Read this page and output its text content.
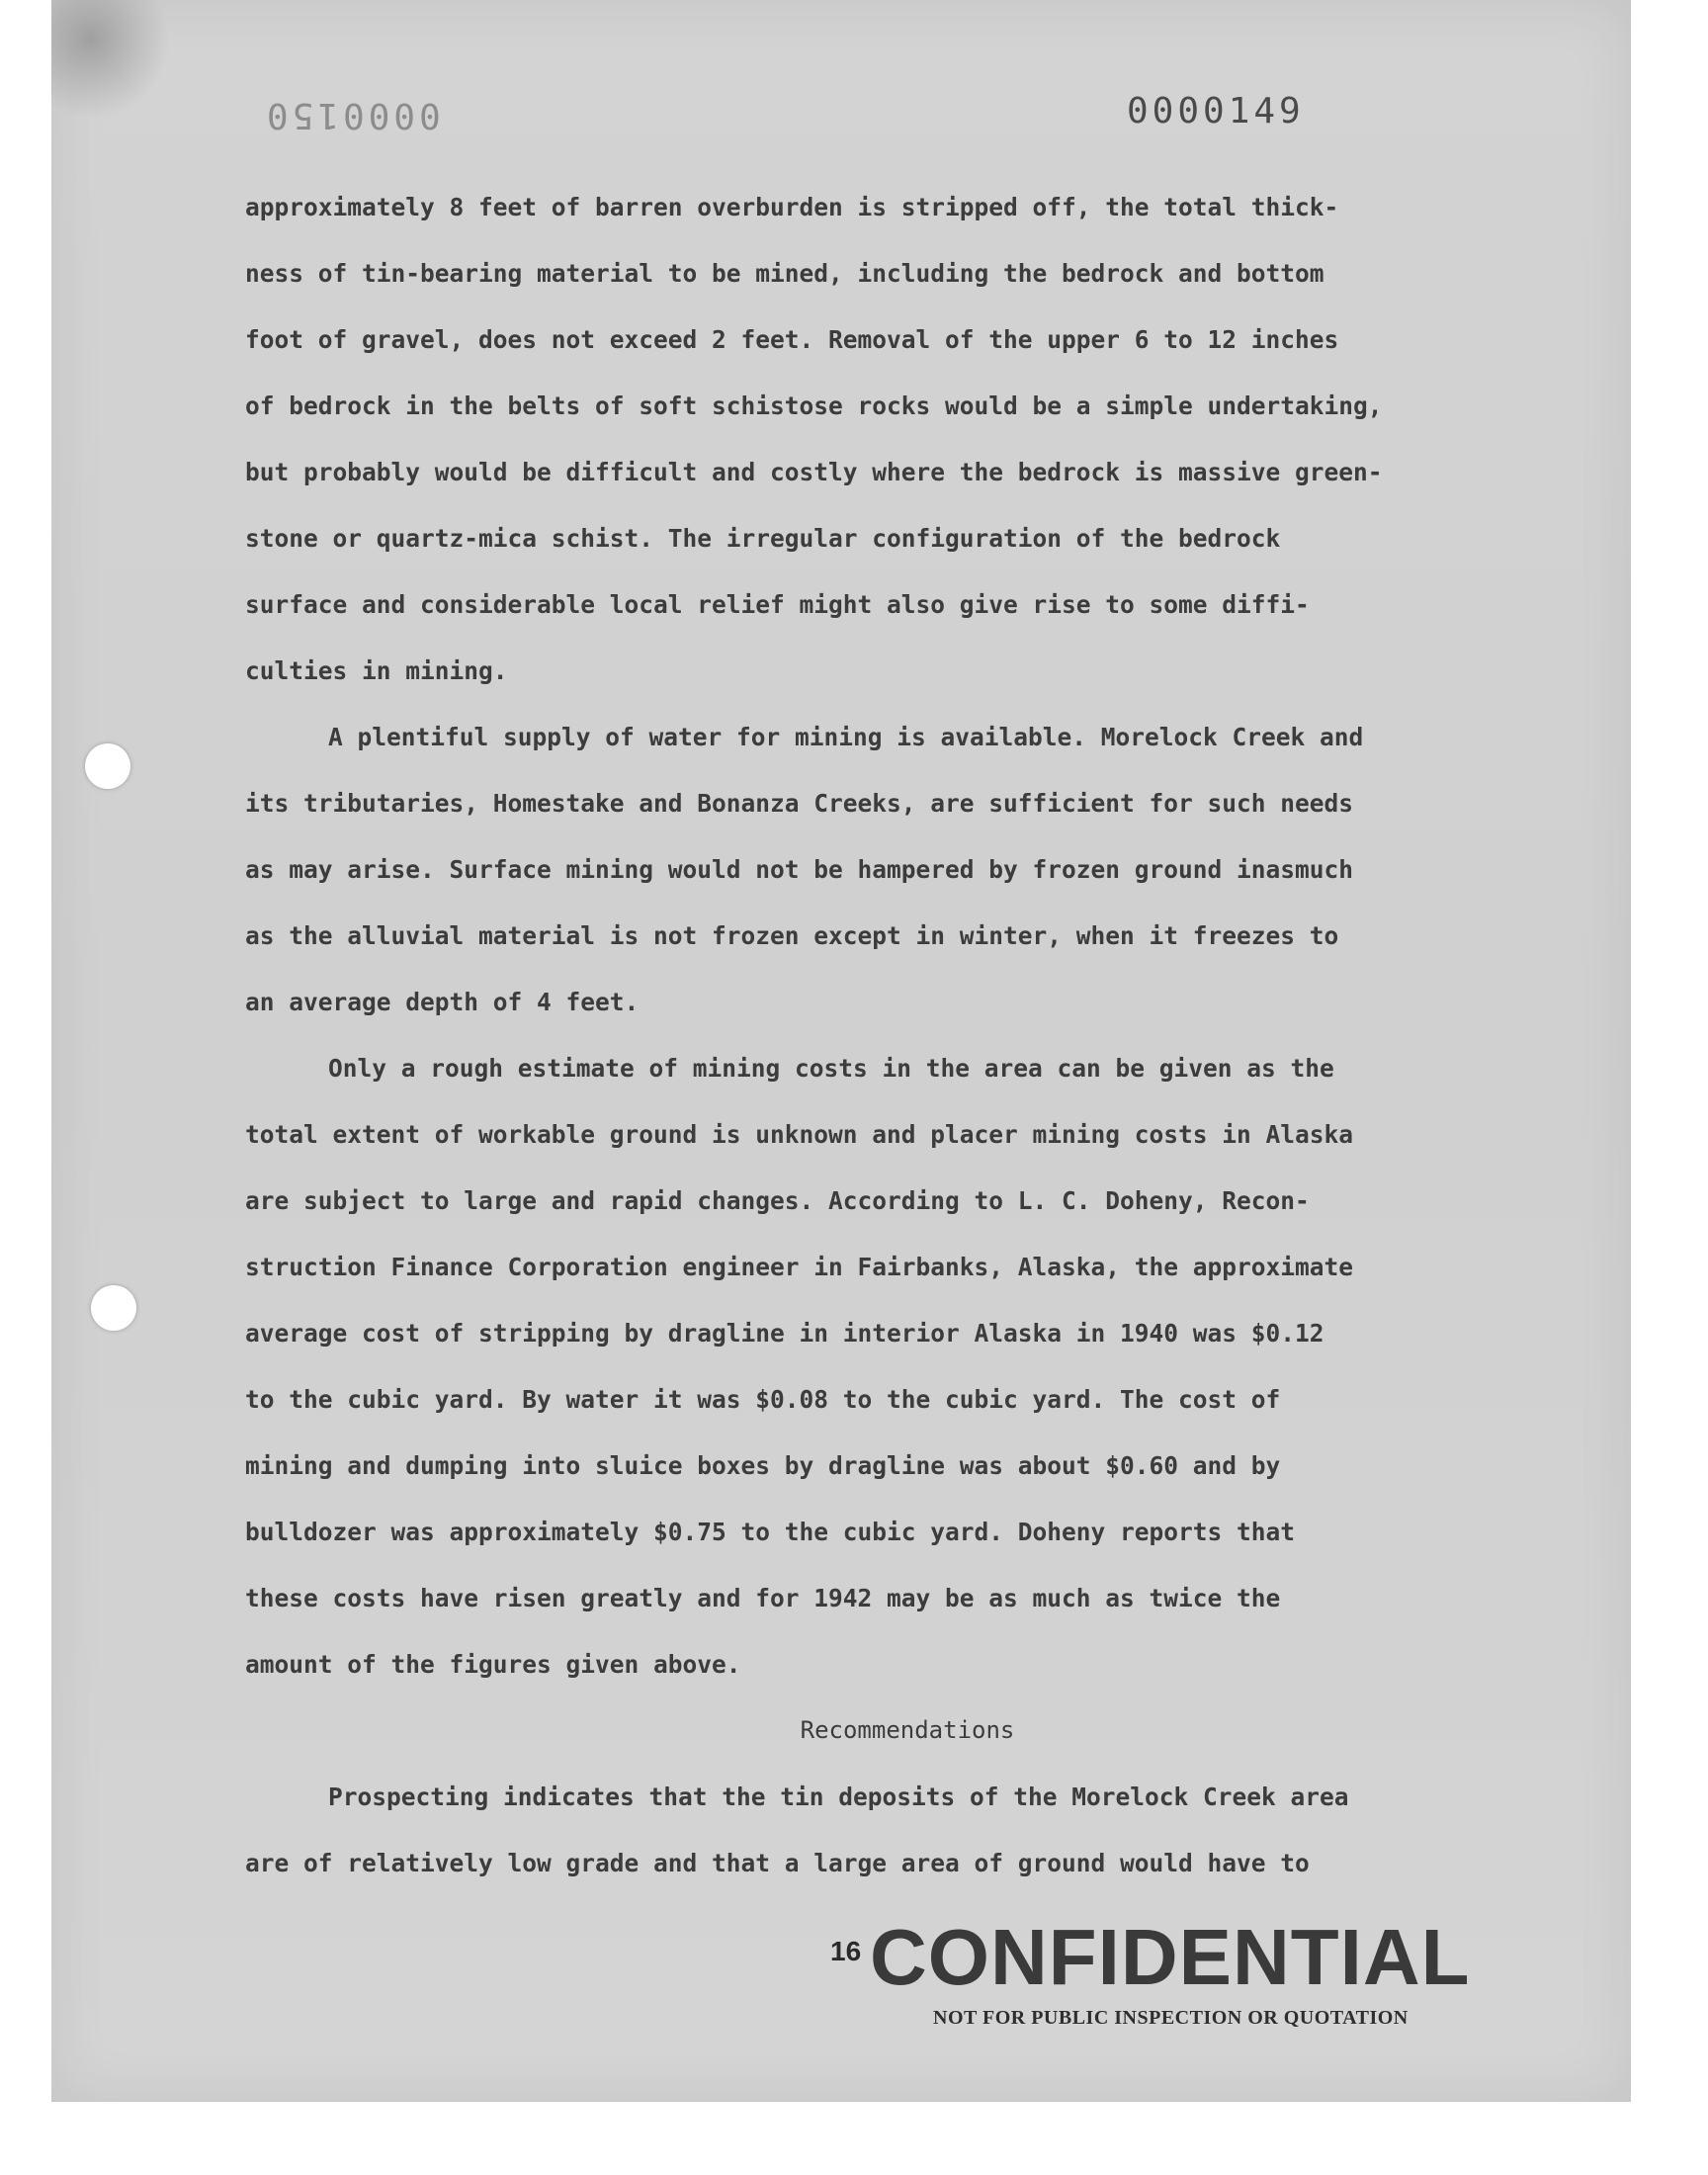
0000150	0000149

approximately 8 feet of barren overburden is stripped off, the total thick-
ness of tin-bearing material to be mined, including the bedrock and bottom
foot of gravel, does not exceed 2 feet. Removal of the upper 6 to 12 inches
of bedrock in the belts of soft schistose rocks would be a simple undertaking,
but probably would be difficult and costly where the bedrock is massive green-
stone or quartz-mica schist. The irregular configuration of the bedrock
surface and considerable local relief might also give rise to some diffi-
culties in mining.

A plentiful supply of water for mining is available. Morelock Creek and
its tributaries, Homestake and Bonanza Creeks, are sufficient for such needs
as may arise. Surface mining would not be hampered by frozen ground inasmuch
as the alluvial material is not frozen except in winter, when it freezes to
an average depth of 4 feet.

Only a rough estimate of mining costs in the area can be given as the
total extent of workable ground is unknown and placer mining costs in Alaska
are subject to large and rapid changes. According to L. C. Doheny, Recon-
struction Finance Corporation engineer in Fairbanks, Alaska, the approximate
average cost of stripping by dragline in interior Alaska in 1940 was $0.12
to the cubic yard. By water it was $0.08 to the cubic yard. The cost of
mining and dumping into sluice boxes by dragline was about $0.60 and by
bulldozer was approximately $0.75 to the cubic yard. Doheny reports that
these costs have risen greatly and for 1942 may be as much as twice the
amount of the figures given above.

Recommendations

Prospecting indicates that the tin deposits of the Morelock Creek area
are of relatively low grade and that a large area of ground would have to

16 CONFIDENTIAL
NOT FOR PUBLIC INSPECTION OR QUOTATION
